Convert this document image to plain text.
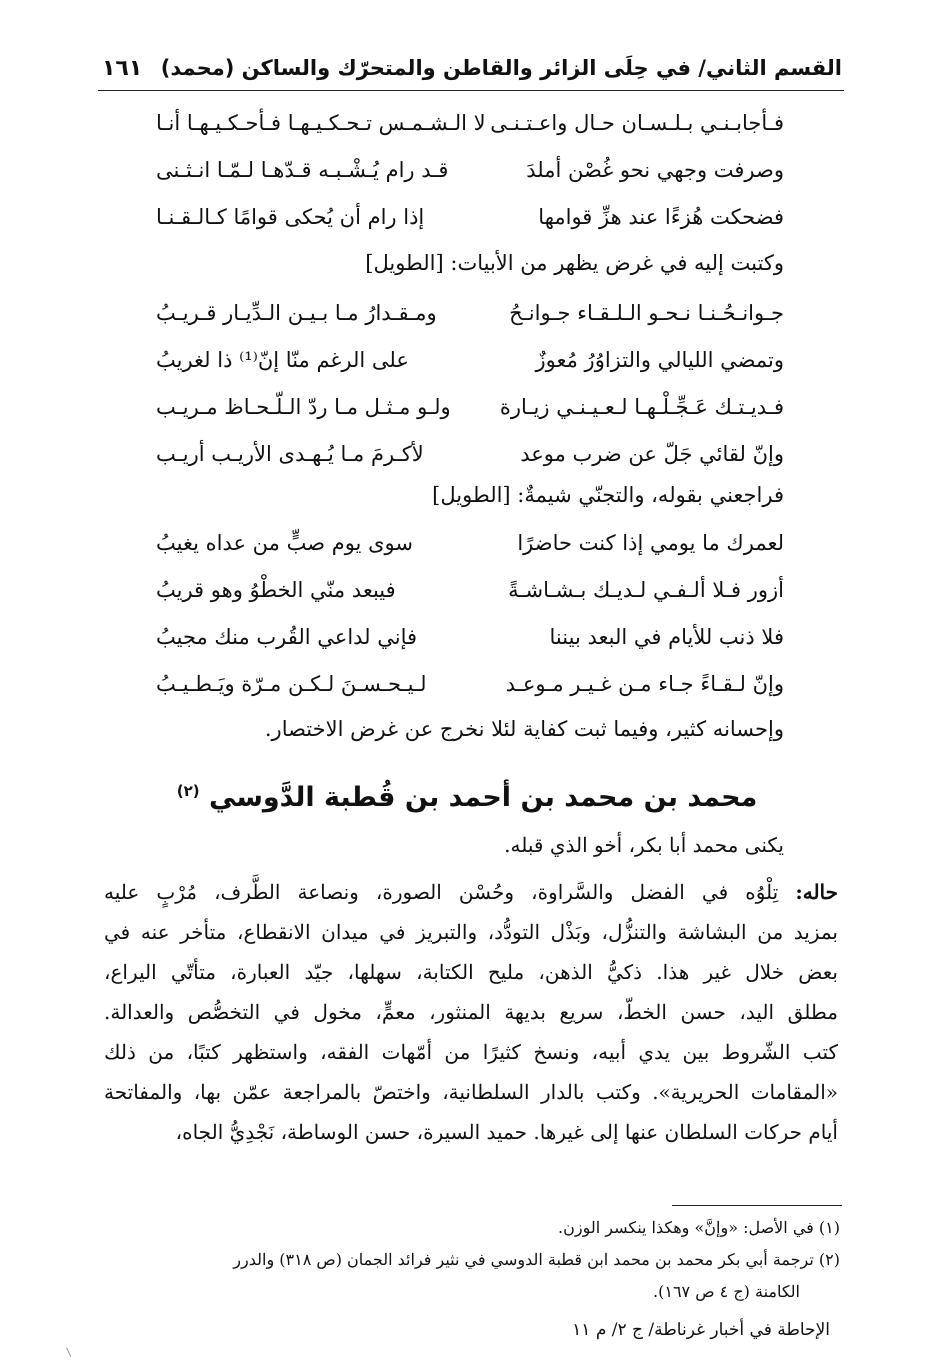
القسم الثاني/ في حِلَى الزائر والقاطن والمتحرّك والساكن (محمد)
١٦١
فـأجابـنـي بـلـسـان حـال واعـتـنـى
لا الـشـمـس تـحـكـيـهـا فـأحـكـيـهـا أنـا
وصرفت وجهي نحو غُصْن أملدَ
قـد رام يُـشْـبـه قـدّهـا لـمّـا انـثـنى
فضحكت هُزءًا عند هزِّ قوامها
إذا رام أن يُحكى قوامًا كـالـقـنـا
وكتبت إليه في غرض يظهر من الأبيات: [الطويل]
جـوانـحُـنـا نـحـو الـلـقـاء جـوانـحُ
ومـقـدارُ مـا بـيـن الـدِّيـار قـريـبُ
وتمضي الليالي والتزاوُرُ مُعوزٌ
على الرغم منّا إنّ⁽¹⁾ ذا لغريبُ
فـديـتـك عَـجِّـلْـهـا لـعـيـنـي زيـارة
ولـو مـثـل مـا ردّ الـلّـحـاظ مـريـب
وإنّ لقائي جَلّ عن ضرب موعد
لأكـرمَ مـا يُـهـدى الأريـب أريـب
فراجعني بقوله، والتجنّي شيمةٌ: [الطويل]
لعمرك ما يومي إذا كنت حاضرًا
سوى يوم صبٍّ من عداه يغيبُ
أزور فـلا ألـفـي لـديـك بـشـاشـةً
فيبعد منّي الخطْوُ وهو قريبُ
فلا ذنب للأيام في البعد بيننا
فإني لداعي القُرب منك مجيبُ
وإنّ لـقـاءً جـاء مـن غـيـر مـوعـد
لـيـحـسـنَ لـكـن مـرّة ويَـطـيـبُ
وإحسانه كثير، وفيما ثبت كفاية لئلا نخرج عن غرض الاختصار.
محمد بن محمد بن أحمد بن قُطبة الدَّوسي $^{(٢)}$
يكنى محمد أبا بكر، أخو الذي قبله.
حاله: تِلْوُه في الفضل والسَّراوة، وحُسْن الصورة، ونصاعة الطَّرف، مُرْبٍ عليه
بمزيد من البشاشة والتنزُّل، وبَذْل التودُّد، والتبريز في ميدان الانقطاع، متأخر عنه في
بعض خلال غير هذا. ذكيُّ الذهن، مليح الكتابة، سهلها، جيّد العبارة، متأتّي اليراع،
مطلق اليد، حسن الخطّ، سريع بديهة المنثور، معمٍّ، مخول في التخصُّص والعدالة.
كتب الشّروط بين يدي أبيه، ونسخ كثيرًا من أمّهات الفقه، واستظهر كتبًا، من ذلك
«المقامات الحريرية». وكتب بالدار السلطانية، واختصّ بالمراجعة عمّن بها، والمفاتحة
أيام حركات السلطان عنها إلى غيرها. حميد السيرة، حسن الوساطة، نَجْدِيُّ الجاه،
(١) في الأصل: «وإنَّ» وهكذا ينكسر الوزن.
(٢) ترجمة أبي بكر محمد بن محمد ابن قطبة الدوسي في نثير فرائد الجمان (ص ٣١٨) والدرر
الكامنة (ج ٤ ص ١٦٧).
الإحاطة في أخبار غرناطة/ ج ٢/ م ١١
